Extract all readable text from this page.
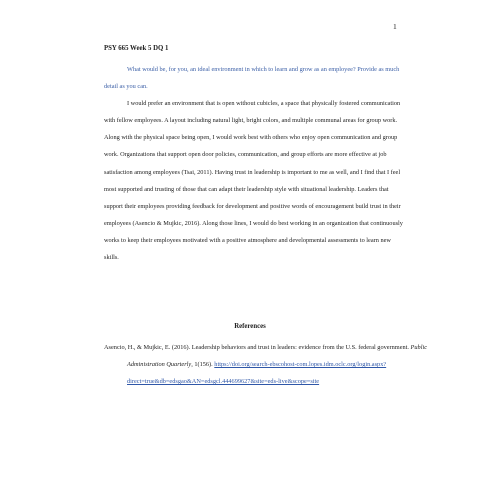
1
PSY 665 Week 5 DQ 1
What would be, for you, an ideal environment in which to learn and grow as an employee? Provide as much detail as you can.
I would prefer an environment that is open without cubicles, a space that physically fostered communication with fellow employees. A layout including natural light, bright colors, and multiple communal areas for group work. Along with the physical space being open, I would work best with others who enjoy open communication and group work. Organizations that support open door policies, communication, and group efforts are more effective at job satisfaction among employees (Tsai, 2011). Having trust in leadership is important to me as well, and I find that I feel most supported and trusting of those that can adapt their leadership style with situational leadership. Leaders that support their employees providing feedback for development and positive words of encouragement build trust in their employees (Asencio & Mujkic, 2016). Along those lines, I would do best working in an organization that continuously works to keep their employees motivated with a positive atmosphere and developmental assessments to learn new skills.
References
Asencio, H., & Mujkic, E. (2016). Leadership behaviors and trust in leaders: evidence from the U.S. federal government. Public Administration Quarterly, 1(156). https://doi.org/search-ebscohost-com.lopes.idm.oclc.org/login.aspx?direct=true&db=edsgao&AN=edsgcl.444699627&site=eds-live&scope=site
